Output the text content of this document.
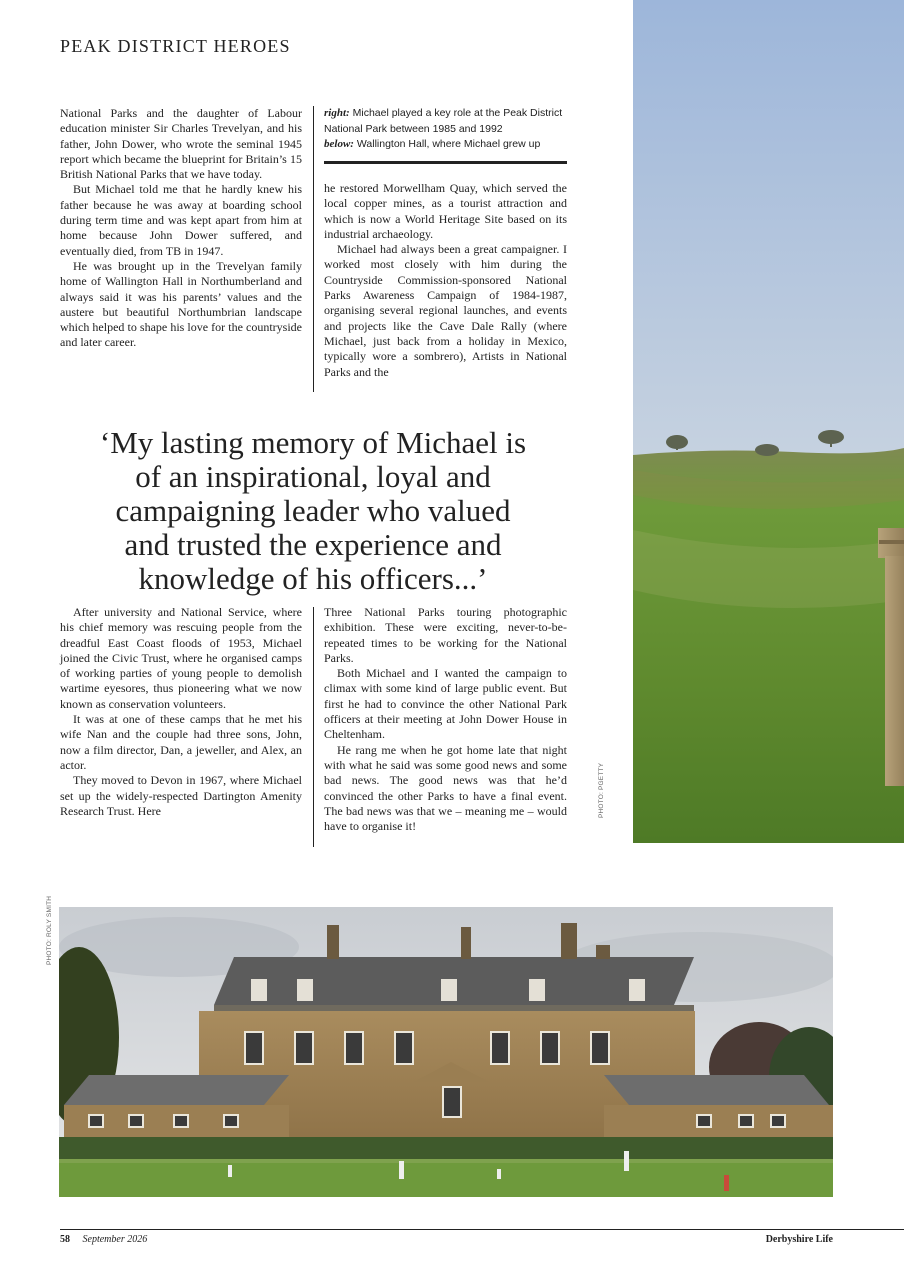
PEAK DISTRICT HEROES

National Parks and the daughter of Labour education minister Sir Charles Trevelyan, and his father, John Dower, who wrote the seminal 1945 report which became the blueprint for Britain’s 15 British National Parks that we have today.

But Michael told me that he hardly knew his father because he was away at boarding school during term time and was kept apart from him at home because John Dower suffered, and eventually died, from TB in 1947.

He was brought up in the Trevelyan family home of Wallington Hall in Northumberland and always said it was his parents’ values and the austere but beautiful Northumbrian landscape which helped to shape his love for the countryside and later career.

right: Michael played a key role at the Peak District National Park between 1985 and 1992
below: Wallington Hall, where Michael grew up

he restored Morwellham Quay, which served the local copper mines, as a tourist attraction and which is now a World Heritage Site based on its industrial archaeology.

Michael had always been a great campaigner. I worked most closely with him during the Countryside Commission-sponsored National Parks Awareness Campaign of 1984-1987, organising several regional launches, and events and projects like the Cave Dale Rally (where Michael, just back from a holiday in Mexico, typically wore a sombrero), Artists in National Parks and the

‘My lasting memory of Michael is of an inspirational, loyal and campaigning leader who valued and trusted the experience and knowledge of his officers...’

After university and National Service, where his chief memory was rescuing people from the dreadful East Coast floods of 1953, Michael joined the Civic Trust, where he organised camps of working parties of young people to demolish wartime eyesores, thus pioneering what we now known as conservation volunteers.

It was at one of these camps that he met his wife Nan and the couple had three sons, John, now a film director, Dan, a jeweller, and Alex, an actor.

They moved to Devon in 1967, where Michael set up the widely-respected Dartington Amenity Research Trust. Here

Three National Parks touring photographic exhibition. These were exciting, never-to-be-repeated times to be working for the National Parks.

Both Michael and I wanted the campaign to climax with some kind of large public event. But first he had to convince the other National Park officers at their meeting at John Dower House in Cheltenham.

He rang me when he got home late that night with what he said was some good news and some bad news. The good news was that he’d convinced the other Parks to have a final event. The bad news was that we – meaning me – would have to organise it!

PHOTO: PGETTY
PHOTO: ROLY SMITH
58 September 2026	Derbyshire Life
